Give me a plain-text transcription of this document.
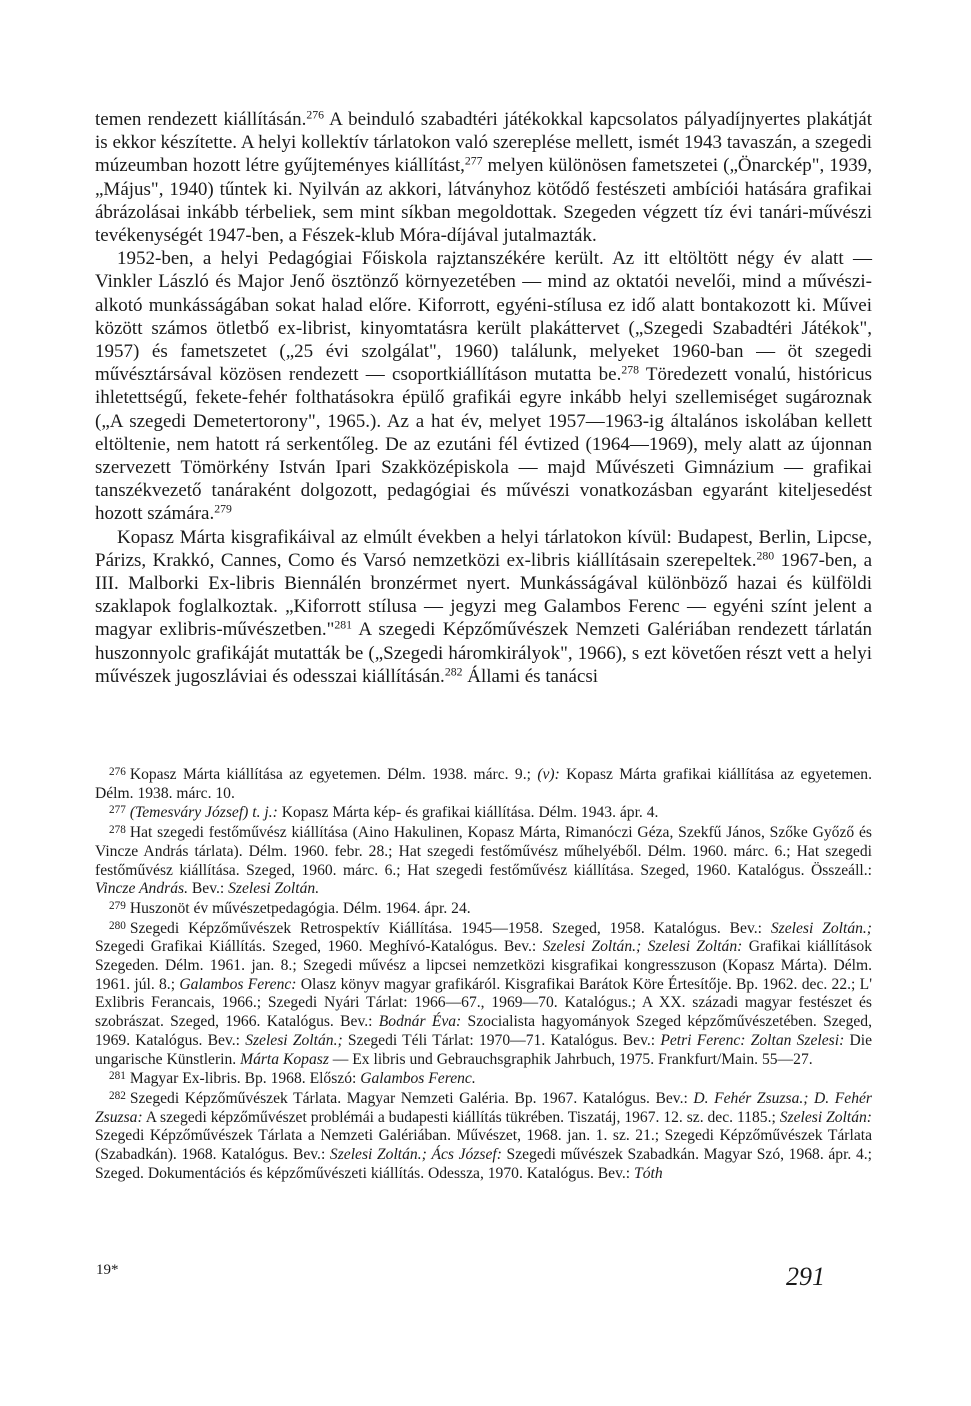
temen rendezett kiállításán.$^{276}$ A beinduló szabadtéri játékokkal kapcsolatos pályadíjnyertes plakátját is ekkor készítette. A helyi kollektív tárlatokon való szereplése mellett, ismét 1943 tavaszán, a szegedi múzeumban hozott létre gyűjteményes kiállítást,$^{277}$ melyen különösen fametszetei („Önarckép", 1939, „Május", 1940) tűntek ki. Nyilván az akkori, látványhoz kötődő festészeti ambíciói hatására grafikai ábrázolásai inkább térbeliek, sem mint síkban megoldottak. Szegeden végzett tíz évi tanári-művészi tevékenységét 1947-ben, a Fészek-klub Móra-díjával jutalmazták.

1952-ben, a helyi Pedagógiai Főiskola rajztanszékére került. Az itt eltöltött négy év alatt — Vinkler László és Major Jenő ösztönző környezetében — mind az oktatói nevelői, mind a művészi-alkotó munkásságában sokat halad előre. Kiforrott, egyéni-stílusa ez idő alatt bontakozott ki. Művei között számos ötletbő ex-librist, kinyomtatásra került plakáttervet („Szegedi Szabadtéri Játékok", 1957) és fametszetet („25 évi szolgálat", 1960) találunk, melyeket 1960-ban — öt szegedi művésztársával közösen rendezett — csoportkiállításon mutatta be.$^{278}$ Töredezett vonalú, históricus ihletettségű, fekete-fehér folthatásokra épülő grafikái egyre inkább helyi szellemiséget sugároznak („A szegedi Demetertorony", 1965.). Az a hat év, melyet 1957—1963-ig általános iskolában kellett eltöltenie, nem hatott rá serkentőleg. De az ezutáni fél évtized (1964—1969), mely alatt az újonnan szervezett Tömörkény István Ipari Szakközépiskola — majd Művészeti Gimnázium — grafikai tanszékvezető tanáraként dolgozott, pedagógiai és művészi vonatkozásban egyaránt kiteljesedést hozott számára.$^{279}$

Kopasz Márta kisgrafikáival az elmúlt években a helyi tárlatokon kívül: Budapest, Berlin, Lipcse, Párizs, Krakkó, Cannes, Como és Varsó nemzetközi ex-libris kiállításain szerepeltek.$^{280}$ 1967-ben, a III. Malborki Ex-libris Biennálén bronzérmet nyert. Munkásságával különböző hazai és külföldi szaklapok foglalkoztak. „Kiforrott stílusa — jegyzi meg Galambos Ferenc — egyéni színt jelent a magyar exlibris-művészetben."$^{281}$ A szegedi Képzőművészek Nemzeti Galériában rendezett tárlatán huszonnyolc grafikáját mutatták be („Szegedi háromkirályok", 1966), s ezt követően részt vett a helyi művészek jugoszláviai és odesszai kiállításán.$^{282}$ Állami és tanácsi

$^{276}$ Kopasz Márta kiállítása az egyetemen. Délm. 1938. márc. 9.; (v): Kopasz Márta grafikai kiállítása az egyetemen. Délm. 1938. márc. 10.

$^{277}$ (Temesváry József) t. j.: Kopasz Márta kép- és grafikai kiállítása. Délm. 1943. ápr. 4.

$^{278}$ Hat szegedi festőművész kiállítása (Aino Hakulinen, Kopasz Márta, Rimanóczi Géza, Szekfű János, Szőke Győző és Vincze András tárlata). Délm. 1960. febr. 28.; Hat szegedi festőművész műhelyéből. Délm. 1960. márc. 6.; Hat szegedi festőművész kiállítása. Szeged, 1960. márc. 6.; Hat szegedi festőművész kiállítása. Szeged, 1960. Katalógus. Összeáll.: Vincze András. Bev.: Szelesi Zoltán.

$^{279}$ Huszonöt év művészetpedagógia. Délm. 1964. ápr. 24.

$^{280}$ Szegedi Képzőművészek Retrospektív Kiállítása. 1945—1958. Szeged, 1958. Katalógus. Bev.: Szelesi Zoltán.; Szegedi Grafikai Kiállítás. Szeged, 1960. Meghívó-Katalógus. Bev.: Szelesi Zoltán.; Szelesi Zoltán: Grafikai kiállítások Szegeden. Délm. 1961. jan. 8.; Szegedi művész a lipcsei nemzetközi kisgrafikai kongresszuson (Kopasz Márta). Délm. 1961. júl. 8.; Galambos Ferenc: Olasz könyv magyar grafikáról. Kisgrafikai Barátok Köre Értesítője. Bp. 1962. dec. 22.; L' Exlibris Ferancais, 1966.; Szegedi Nyári Tárlat: 1966—67., 1969—70. Katalógus.; A XX. századi magyar festészet és szobrászat. Szeged, 1966. Katalógus. Bev.: Bodnár Éva: Szocialista hagyományok Szeged képzőművészetében. Szeged, 1969. Katalógus. Bev.: Szelesi Zoltán.; Szegedi Téli Tárlat: 1970—71. Katalógus. Bev.: Petri Ferenc: Zoltan Szelesi: Die ungarische Künstlerin. Márta Kopasz — Ex libris und Gebrauchsgraphik Jahrbuch, 1975. Frankfurt/Main. 55—27.

$^{281}$ Magyar Ex-libris. Bp. 1968. Előszó: Galambos Ferenc.

$^{282}$ Szegedi Képzőművészek Tárlata. Magyar Nemzeti Galéria. Bp. 1967. Katalógus. Bev.: D. Fehér Zsuzsa.; D. Fehér Zsuzsa: A szegedi képzőművészet problémái a budapesti kiállítás tükrében. Tiszatáj, 1967. 12. sz. dec. 1185.; Szelesi Zoltán: Szegedi Képzőművészek Tárlata a Nemzeti Galériában. Művészet, 1968. jan. 1. sz. 21.; Szegedi Képzőművészek Tárlata (Szabadkán). 1968. Katalógus. Bev.: Szelesi Zoltán.; Ács József: Szegedi művészek Szabadkán. Magyar Szó, 1968. ápr. 4.; Szeged. Dokumentációs és képzőművészeti kiállítás. Odessza, 1970. Katalógus. Bev.: Tóth

19*	291
